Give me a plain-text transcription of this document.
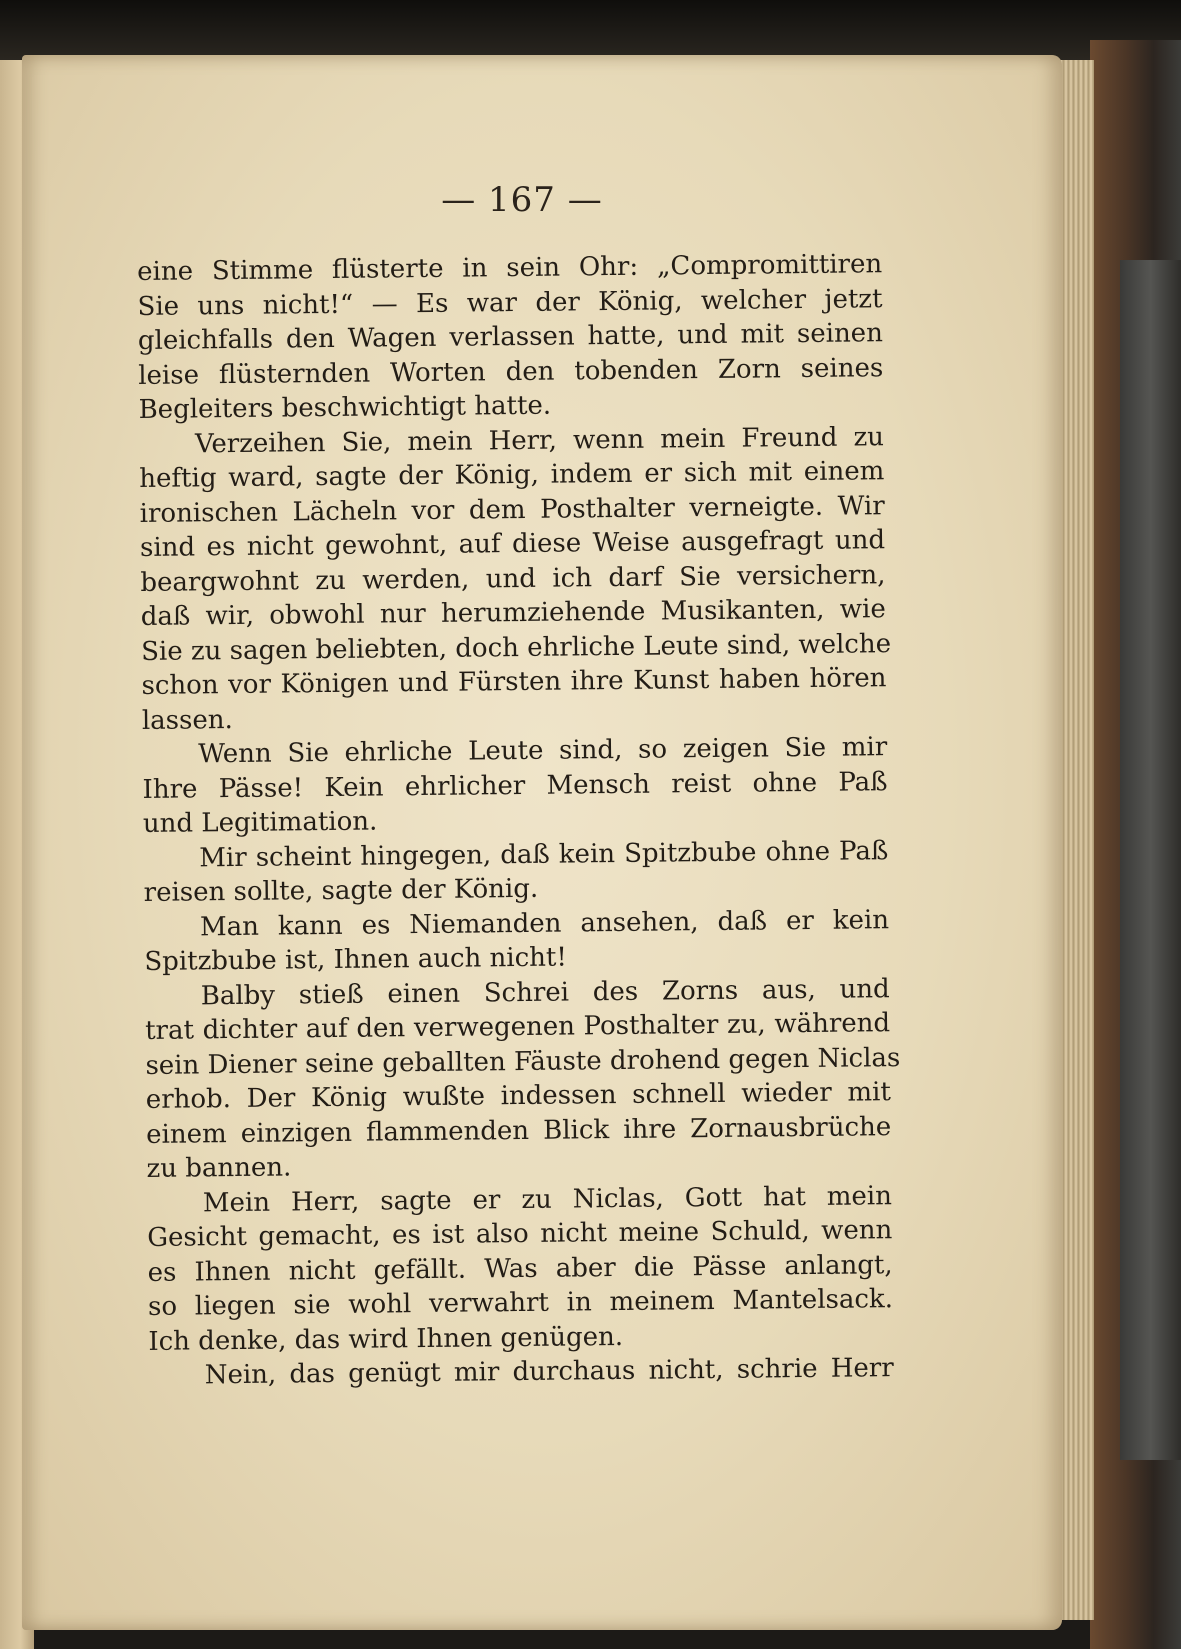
— 167 —
eine Stimme flüsterte in sein Ohr: „Compromittiren
Sie uns nicht!“ — Es war der König, welcher jetzt
gleichfalls den Wagen verlassen hatte, und mit seinen
leise flüsternden Worten den tobenden Zorn seines
Begleiters beschwichtigt hatte.
Verzeihen Sie, mein Herr, wenn mein Freund zu
heftig ward, sagte der König, indem er sich mit einem
ironischen Lächeln vor dem Posthalter verneigte. Wir
sind es nicht gewohnt, auf diese Weise ausgefragt und
beargwohnt zu werden, und ich darf Sie versichern,
daß wir, obwohl nur herumziehende Musikanten, wie
Sie zu sagen beliebten, doch ehrliche Leute sind, welche
schon vor Königen und Fürsten ihre Kunst haben hören
lassen.
Wenn Sie ehrliche Leute sind, so zeigen Sie mir
Ihre Pässe! Kein ehrlicher Mensch reist ohne Paß
und Legitimation.
Mir scheint hingegen, daß kein Spitzbube ohne Paß
reisen sollte, sagte der König.
Man kann es Niemanden ansehen, daß er kein
Spitzbube ist, Ihnen auch nicht!
Balby stieß einen Schrei des Zorns aus, und
trat dichter auf den verwegenen Posthalter zu, während
sein Diener seine geballten Fäuste drohend gegen Niclas
erhob. Der König wußte indessen schnell wieder mit
einem einzigen flammenden Blick ihre Zornausbrüche
zu bannen.
Mein Herr, sagte er zu Niclas, Gott hat mein
Gesicht gemacht, es ist also nicht meine Schuld, wenn
es Ihnen nicht gefällt. Was aber die Pässe anlangt,
so liegen sie wohl verwahrt in meinem Mantelsack.
Ich denke, das wird Ihnen genügen.
Nein, das genügt mir durchaus nicht, schrie Herr
